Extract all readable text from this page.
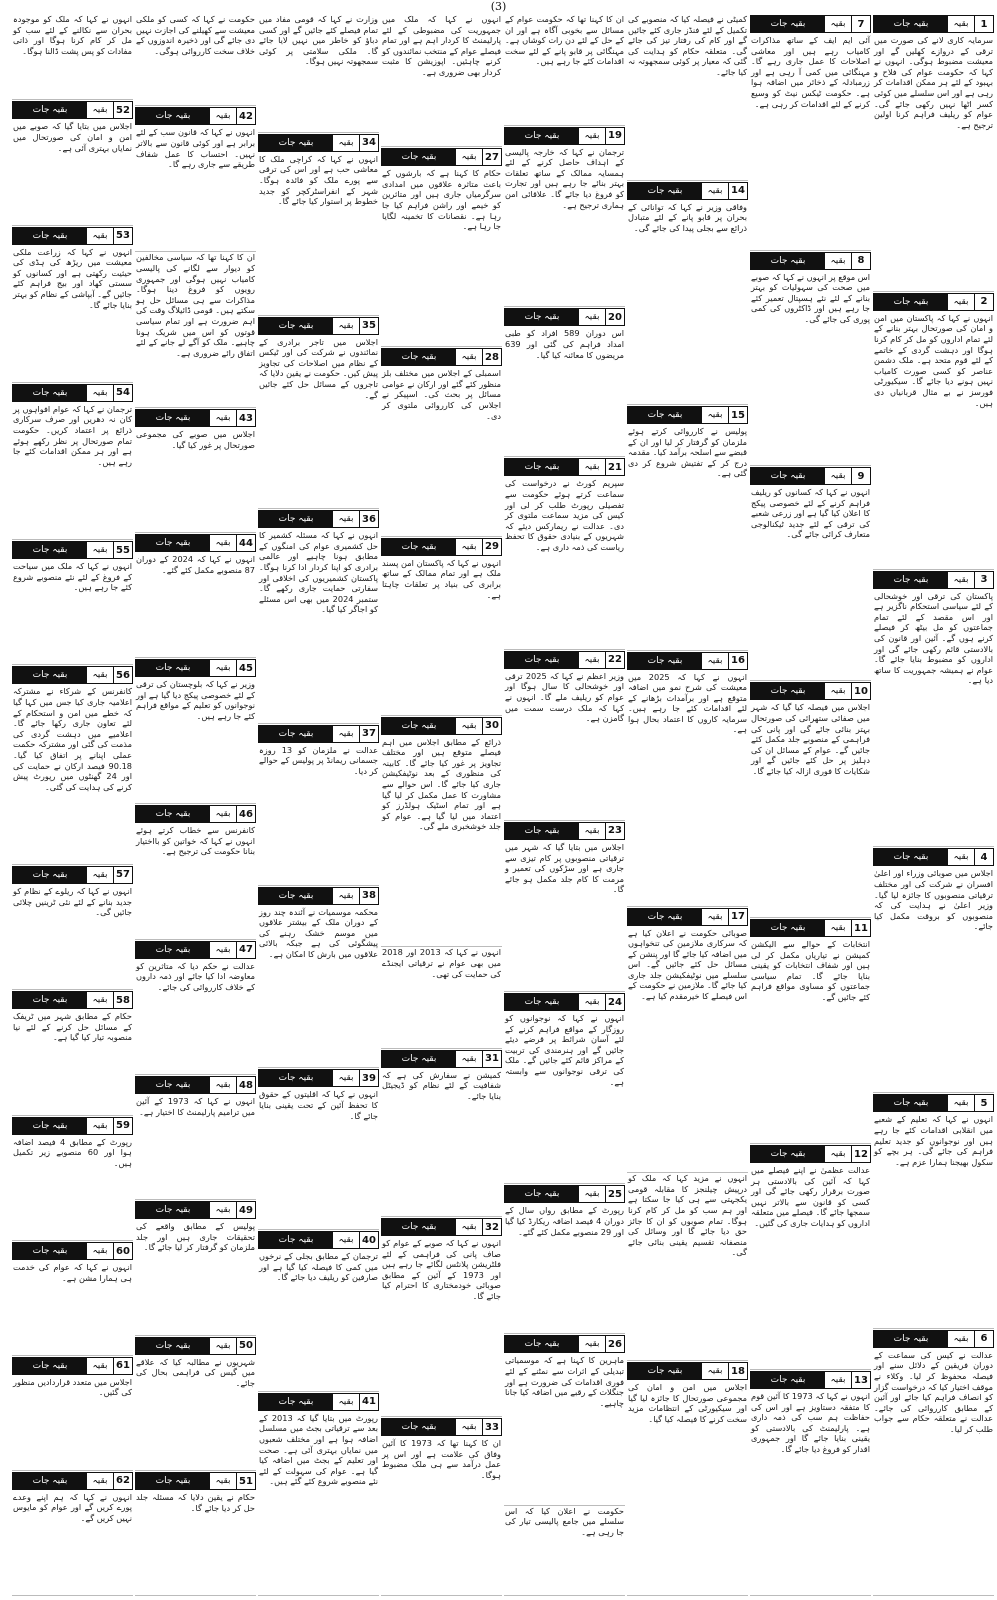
(3)
1
بقیہ
بقیہ جات
سرمایہ کاری لانے کی صورت میں ترقی کے دروازے کھلیں گے اور معیشت مضبوط ہوگی۔ انہوں نے کہا کہ حکومت عوام کی فلاح و بہبود کے لئے ہر ممکن اقدامات کر رہی ہے اور اس سلسلے میں کوئی کسر اٹھا نہیں رکھی جائے گی۔ عوام کو ریلیف فراہم کرنا اولین ترجیح ہے۔
2
بقیہ
بقیہ جات
انہوں نے کہا کہ پاکستان میں امن و امان کی صورتحال بہتر بنانے کے لئے تمام اداروں کو مل کر کام کرنا ہوگا اور دہشت گردی کے خاتمے کے لئے قوم متحد ہے۔ ملک دشمن عناصر کو کسی صورت کامیاب نہیں ہونے دیا جائے گا۔ سیکیورٹی فورسز نے بے مثال قربانیاں دی ہیں۔
3
بقیہ
بقیہ جات
پاکستان کی ترقی اور خوشحالی کے لئے سیاسی استحکام ناگزیر ہے اور اس مقصد کے لئے تمام جماعتوں کو مل بیٹھ کر فیصلے کرنے ہوں گے۔ آئین اور قانون کی بالادستی قائم رکھی جائے گی اور اداروں کو مضبوط بنایا جائے گا۔ عوام نے ہمیشہ جمہوریت کا ساتھ دیا ہے۔
4
بقیہ
بقیہ جات
اجلاس میں صوبائی وزراء اور اعلیٰ افسران نے شرکت کی اور مختلف ترقیاتی منصوبوں کا جائزہ لیا گیا۔ وزیر اعلیٰ نے ہدایت کی کہ منصوبوں کو بروقت مکمل کیا جائے۔
5
بقیہ
بقیہ جات
انہوں نے کہا کہ تعلیم کے شعبے میں انقلابی اقدامات کئے جا رہے ہیں اور نوجوانوں کو جدید تعلیم فراہم کی جائے گی۔ ہر بچے کو سکول بھیجنا ہمارا عزم ہے۔
6
بقیہ
بقیہ جات
عدالت نے کیس کی سماعت کے دوران فریقین کے دلائل سنے اور فیصلہ محفوظ کر لیا۔ وکلاء نے موقف اختیار کیا کہ درخواست گزار کو انصاف فراہم کیا جائے اور آئین کے مطابق کارروائی کی جائے۔ عدالت نے متعلقہ حکام سے جواب طلب کر لیا۔
7
بقیہ
بقیہ جات
آئی ایم ایف کے ساتھ مذاکرات کامیاب رہے ہیں اور معاشی اصلاحات کا عمل جاری رہے گا۔ مہنگائی میں کمی آ رہی ہے اور زرمبادلہ کے ذخائر میں اضافہ ہوا ہے۔ حکومت ٹیکس نیٹ کو وسیع کرنے کے لئے اقدامات کر رہی ہے۔
8
بقیہ
بقیہ جات
اس موقع پر انہوں نے کہا کہ صوبے میں صحت کی سہولیات کو بہتر بنانے کے لئے نئے ہسپتال تعمیر کئے جا رہے ہیں اور ڈاکٹروں کی کمی پوری کی جائے گی۔
9
بقیہ
بقیہ جات
انہوں نے کہا کہ کسانوں کو ریلیف فراہم کرنے کے لئے خصوصی پیکج کا اعلان کیا گیا ہے اور زرعی شعبے کی ترقی کے لئے جدید ٹیکنالوجی متعارف کرائی جائے گی۔
10
بقیہ
بقیہ جات
اجلاس میں فیصلہ کیا گیا کہ شہر میں صفائی ستھرائی کی صورتحال بہتر بنائی جائے گی اور پانی کی فراہمی کے منصوبے جلد مکمل کئے جائیں گے۔ عوام کے مسائل ان کی دہلیز پر حل کئے جائیں گے اور شکایات کا فوری ازالہ کیا جائے گا۔
11
بقیہ
بقیہ جات
انتخابات کے حوالے سے الیکشن کمیشن نے تیاریاں مکمل کر لی ہیں اور شفاف انتخابات کو یقینی بنایا جائے گا۔ تمام سیاسی جماعتوں کو مساوی مواقع فراہم کئے جائیں گے۔
12
بقیہ
بقیہ جات
عدالت عظمیٰ نے اپنے فیصلے میں کہا کہ آئین کی بالادستی ہر صورت برقرار رکھی جائے گی اور کسی کو قانون سے بالاتر نہیں سمجھا جائے گا۔ فیصلے میں متعلقہ اداروں کو ہدایات جاری کی گئیں۔
13
بقیہ
بقیہ جات
انہوں نے کہا کہ 1973 کا آئین قوم کا متفقہ دستاویز ہے اور اس کی حفاظت ہم سب کی ذمہ داری ہے۔ پارلیمنٹ کی بالادستی کو یقینی بنایا جائے گا اور جمہوری اقدار کو فروغ دیا جائے گا۔
کمیٹی نے فیصلہ کیا کہ منصوبے کی تکمیل کے لئے فنڈز جاری کئے جائیں گے اور کام کی رفتار تیز کی جائے گی۔ متعلقہ حکام کو ہدایت کی گئی کہ معیار پر کوئی سمجھوتہ نہ کیا جائے۔
14
بقیہ
بقیہ جات
وفاقی وزیر نے کہا کہ توانائی کے بحران پر قابو پانے کے لئے متبادل ذرائع سے بجلی پیدا کی جائے گی۔
15
بقیہ
بقیہ جات
پولیس نے کارروائی کرتے ہوئے ملزمان کو گرفتار کر لیا اور ان کے قبضے سے اسلحہ برآمد کیا۔ مقدمہ درج کر کے تفتیش شروع کر دی گئی ہے۔
16
بقیہ
بقیہ جات
انہوں نے کہا کہ 2025 میں معیشت کی شرح نمو میں اضافہ متوقع ہے اور برآمدات بڑھانے کے لئے اقدامات کئے جا رہے ہیں۔ سرمایہ کاروں کا اعتماد بحال ہوا ہے۔
17
بقیہ
بقیہ جات
صوبائی حکومت نے اعلان کیا ہے کہ سرکاری ملازمین کی تنخواہوں میں اضافہ کیا جائے گا اور پنشن کے مسائل حل کئے جائیں گے۔ اس سلسلے میں نوٹیفکیشن جلد جاری کیا جائے گا۔ ملازمین نے حکومت کے اس فیصلے کا خیرمقدم کیا ہے۔
انہوں نے مزید کہا کہ ملک کو درپیش چیلنجز کا مقابلہ قومی یکجہتی سے ہی کیا جا سکتا ہے اور ہم سب کو مل کر کام کرنا ہوگا۔ تمام صوبوں کو ان کا جائز حق دیا جائے گا اور وسائل کی منصفانہ تقسیم یقینی بنائی جائے گی۔
18
بقیہ
بقیہ جات
اجلاس میں امن و امان کی مجموعی صورتحال کا جائزہ لیا گیا اور سیکیورٹی کے انتظامات مزید سخت کرنے کا فیصلہ کیا گیا۔
ان کا کہنا تھا کہ حکومت عوام کے مسائل سے بخوبی آگاہ ہے اور ان کے حل کے لئے دن رات کوشاں ہے۔ مہنگائی پر قابو پانے کے لئے سخت اقدامات کئے جا رہے ہیں۔
19
بقیہ
بقیہ جات
ترجمان نے کہا کہ خارجہ پالیسی کے اہداف حاصل کرنے کے لئے ہمسایہ ممالک کے ساتھ تعلقات بہتر بنائے جا رہے ہیں اور تجارت کو فروغ دیا جائے گا۔ علاقائی امن ہماری ترجیح ہے۔
20
بقیہ
بقیہ جات
اس دوران 589 افراد کو طبی امداد فراہم کی گئی اور 639 مریضوں کا معائنہ کیا گیا۔
21
بقیہ
بقیہ جات
سپریم کورٹ نے درخواست کی سماعت کرتے ہوئے حکومت سے تفصیلی رپورٹ طلب کر لی اور کیس کی مزید سماعت ملتوی کر دی۔ عدالت نے ریمارکس دیئے کہ شہریوں کے بنیادی حقوق کا تحفظ ریاست کی ذمہ داری ہے۔
22
بقیہ
بقیہ جات
وزیر اعظم نے کہا کہ 2025 ترقی اور خوشحالی کا سال ہوگا اور عوام کو ریلیف ملے گا۔ انہوں نے کہا کہ ملک درست سمت میں گامزن ہے۔
23
بقیہ
بقیہ جات
اجلاس میں بتایا گیا کہ شہر میں ترقیاتی منصوبوں پر کام تیزی سے جاری ہے اور سڑکوں کی تعمیر و مرمت کا کام جلد مکمل ہو جائے گا۔
24
بقیہ
بقیہ جات
انہوں نے کہا کہ نوجوانوں کو روزگار کے مواقع فراہم کرنے کے لئے آسان شرائط پر قرضے دیئے جائیں گے اور ہنرمندی کی تربیت کے مراکز قائم کئے جائیں گے۔ ملک کی ترقی نوجوانوں سے وابستہ ہے۔
25
بقیہ
بقیہ جات
رپورٹ کے مطابق رواں سال کے دوران 4 فیصد اضافہ ریکارڈ کیا گیا اور 29 منصوبے مکمل کئے گئے۔
26
بقیہ
بقیہ جات
ماہرین کا کہنا ہے کہ موسمیاتی تبدیلی کے اثرات سے نمٹنے کے لئے فوری اقدامات کی ضرورت ہے اور جنگلات کے رقبے میں اضافہ کیا جانا چاہیے۔
حکومت نے اعلان کیا کہ اس سلسلے میں جامع پالیسی تیار کی جا رہی ہے۔
انہوں نے کہا کہ ملک میں جمہوریت کی مضبوطی کے لئے پارلیمنٹ کا کردار اہم ہے اور تمام فیصلے عوام کے منتخب نمائندوں کو کرنے چاہئیں۔ اپوزیشن کا مثبت کردار بھی ضروری ہے۔
27
بقیہ
بقیہ جات
حکام کا کہنا ہے کہ بارشوں کے باعث متاثرہ علاقوں میں امدادی سرگرمیاں جاری ہیں اور متاثرین کو خیمے اور راشن فراہم کیا جا رہا ہے۔ نقصانات کا تخمینہ لگایا جا رہا ہے۔
28
بقیہ
بقیہ جات
اسمبلی کے اجلاس میں مختلف بلز منظور کئے گئے اور ارکان نے عوامی مسائل پر بحث کی۔ اسپیکر نے اجلاس کی کارروائی ملتوی کر دی۔
29
بقیہ
بقیہ جات
انہوں نے کہا کہ پاکستان امن پسند ملک ہے اور تمام ممالک کے ساتھ برابری کی بنیاد پر تعلقات چاہتا ہے۔
30
بقیہ
بقیہ جات
ذرائع کے مطابق اجلاس میں اہم فیصلے متوقع ہیں اور مختلف تجاویز پر غور کیا جائے گا۔ کابینہ کی منظوری کے بعد نوٹیفکیشن جاری کیا جائے گا۔ اس حوالے سے مشاورت کا عمل مکمل کر لیا گیا ہے اور تمام اسٹیک ہولڈرز کو اعتماد میں لیا گیا ہے۔ عوام کو جلد خوشخبری ملے گی۔
انہوں نے کہا کہ 2013 اور 2018 میں بھی عوام نے ترقیاتی ایجنڈے کی حمایت کی تھی۔
31
بقیہ
بقیہ جات
کمیشن نے سفارش کی ہے کہ شفافیت کے لئے نظام کو ڈیجیٹل بنایا جائے۔
32
بقیہ
بقیہ جات
انہوں نے کہا کہ صوبے کے عوام کو صاف پانی کی فراہمی کے لئے فلٹریشن پلانٹس لگائے جا رہے ہیں اور 1973 کے آئین کے مطابق صوبائی خودمختاری کا احترام کیا جائے گا۔
33
بقیہ
بقیہ جات
ان کا کہنا تھا کہ 1973 کا آئین وفاق کی علامت ہے اور اس پر عمل درآمد سے ہی ملک مضبوط ہوگا۔
وزارت نے کہا کہ قومی مفاد میں تمام فیصلے کئے جائیں گے اور کسی دباؤ کو خاطر میں نہیں لایا جائے گا۔ ملکی سلامتی پر کوئی سمجھوتہ نہیں ہوگا۔
34
بقیہ
بقیہ جات
انہوں نے کہا کہ کراچی ملک کا معاشی حب ہے اور اس کی ترقی سے پورے ملک کو فائدہ ہوگا۔ شہر کے انفراسٹرکچر کو جدید خطوط پر استوار کیا جائے گا۔
35
بقیہ
بقیہ جات
اجلاس میں تاجر برادری کے نمائندوں نے شرکت کی اور ٹیکس کے نظام میں اصلاحات کی تجاویز پیش کیں۔ حکومت نے یقین دلایا کہ تاجروں کے مسائل حل کئے جائیں گے۔
36
بقیہ
بقیہ جات
انہوں نے کہا کہ مسئلہ کشمیر کا حل کشمیری عوام کی امنگوں کے مطابق ہونا چاہیے اور عالمی برادری کو اپنا کردار ادا کرنا ہوگا۔ پاکستان کشمیریوں کی اخلاقی اور سفارتی حمایت جاری رکھے گا۔ ستمبر 2024 میں بھی اس مسئلے کو اجاگر کیا گیا۔
37
بقیہ
بقیہ جات
عدالت نے ملزمان کو 13 روزہ جسمانی ریمانڈ پر پولیس کے حوالے کر دیا۔
38
بقیہ
بقیہ جات
محکمہ موسمیات نے آئندہ چند روز کے دوران ملک کے بیشتر علاقوں میں موسم خشک رہنے کی پیشگوئی کی ہے جبکہ بالائی علاقوں میں بارش کا امکان ہے۔
39
بقیہ
بقیہ جات
انہوں نے کہا کہ اقلیتوں کے حقوق کا تحفظ آئین کے تحت یقینی بنایا جائے گا۔
40
بقیہ
بقیہ جات
ترجمان کے مطابق بجلی کے نرخوں میں کمی کا فیصلہ کیا گیا ہے اور صارفین کو ریلیف دیا جائے گا۔
41
بقیہ
بقیہ جات
رپورٹ میں بتایا گیا کہ 2013 کے بعد سے ترقیاتی بجٹ میں مسلسل اضافہ ہوا ہے اور مختلف شعبوں میں نمایاں بہتری آئی ہے۔ صحت اور تعلیم کے بجٹ میں اضافہ کیا گیا ہے۔ عوام کی سہولت کے لئے نئے منصوبے شروع کئے گئے ہیں۔
حکومت نے کہا کہ کسی کو ملکی معیشت سے کھیلنے کی اجازت نہیں دی جائے گی اور ذخیرہ اندوزوں کے خلاف سخت کارروائی ہوگی۔
42
بقیہ
بقیہ جات
انہوں نے کہا کہ قانون سب کے لئے برابر ہے اور کوئی قانون سے بالاتر نہیں۔ احتساب کا عمل شفاف طریقے سے جاری رہے گا۔
ان کا کہنا تھا کہ سیاسی مخالفین کو دیوار سے لگانے کی پالیسی کامیاب نہیں ہوگی اور جمہوری رویوں کو فروغ دینا ہوگا۔ مذاکرات سے ہی مسائل حل ہو سکتے ہیں۔ قومی ڈائیلاگ وقت کی اہم ضرورت ہے اور تمام سیاسی قوتوں کو اس میں شریک ہونا چاہیے۔ ملک کو آگے لے جانے کے لئے اتفاق رائے ضروری ہے۔
43
بقیہ
بقیہ جات
اجلاس میں صوبے کی مجموعی صورتحال پر غور کیا گیا۔
44
بقیہ
بقیہ جات
انہوں نے کہا کہ 2024 کے دوران 87 منصوبے مکمل کئے گئے۔
45
بقیہ
بقیہ جات
وزیر نے کہا کہ بلوچستان کی ترقی کے لئے خصوصی پیکج دیا گیا ہے اور نوجوانوں کو تعلیم کے مواقع فراہم کئے جا رہے ہیں۔
46
بقیہ
بقیہ جات
کانفرنس سے خطاب کرتے ہوئے انہوں نے کہا کہ خواتین کو بااختیار بنانا حکومت کی ترجیح ہے۔
47
بقیہ
بقیہ جات
عدالت نے حکم دیا کہ متاثرین کو معاوضہ ادا کیا جائے اور ذمہ داروں کے خلاف کارروائی کی جائے۔
48
بقیہ
بقیہ جات
انہوں نے کہا کہ 1973 کے آئین میں ترامیم پارلیمنٹ کا اختیار ہے۔
49
بقیہ
بقیہ جات
پولیس کے مطابق واقعے کی تحقیقات جاری ہیں اور جلد ملزمان کو گرفتار کر لیا جائے گا۔
50
بقیہ
بقیہ جات
شہریوں نے مطالبہ کیا کہ علاقے میں گیس کی فراہمی بحال کی جائے۔
51
بقیہ
بقیہ جات
حکام نے یقین دلایا کہ مسئلہ جلد حل کر دیا جائے گا۔
انہوں نے کہا کہ ملک کو موجودہ بحران سے نکالنے کے لئے سب کو مل کر کام کرنا ہوگا اور ذاتی مفادات کو پس پشت ڈالنا ہوگا۔
52
بقیہ
بقیہ جات
اجلاس میں بتایا گیا کہ صوبے میں امن و امان کی صورتحال میں نمایاں بہتری آئی ہے۔
53
بقیہ
بقیہ جات
انہوں نے کہا کہ زراعت ملکی معیشت میں ریڑھ کی ہڈی کی حیثیت رکھتی ہے اور کسانوں کو سستی کھاد اور بیج فراہم کئے جائیں گے۔ آبپاشی کے نظام کو بہتر بنایا جائے گا۔
54
بقیہ
بقیہ جات
ترجمان نے کہا کہ عوام افواہوں پر کان نہ دھریں اور صرف سرکاری ذرائع پر اعتماد کریں۔ حکومت تمام صورتحال پر نظر رکھے ہوئے ہے اور ہر ممکن اقدامات کئے جا رہے ہیں۔
55
بقیہ
بقیہ جات
انہوں نے کہا کہ ملک میں سیاحت کے فروغ کے لئے نئے منصوبے شروع کئے جا رہے ہیں۔
56
بقیہ
بقیہ جات
کانفرنس کے شرکاء نے مشترکہ اعلامیہ جاری کیا جس میں کہا گیا کہ خطے میں امن و استحکام کے لئے تعاون جاری رکھا جائے گا۔ اعلامیے میں دہشت گردی کی مذمت کی گئی اور مشترکہ حکمت عملی اپنانے پر اتفاق کیا گیا۔ 90.18 فیصد ارکان نے حمایت کی اور 24 گھنٹوں میں رپورٹ پیش کرنے کی ہدایت کی گئی۔
57
بقیہ
بقیہ جات
انہوں نے کہا کہ ریلوے کے نظام کو جدید بنانے کے لئے نئی ٹرینیں چلائی جائیں گی۔
58
بقیہ
بقیہ جات
حکام کے مطابق شہر میں ٹریفک کے مسائل حل کرنے کے لئے نیا منصوبہ تیار کیا گیا ہے۔
59
بقیہ
بقیہ جات
رپورٹ کے مطابق 4 فیصد اضافہ ہوا اور 60 منصوبے زیر تکمیل ہیں۔
60
بقیہ
بقیہ جات
انہوں نے کہا کہ عوام کی خدمت ہی ہمارا مشن ہے۔
61
بقیہ
بقیہ جات
اجلاس میں متعدد قراردادیں منظور کی گئیں۔
62
بقیہ
بقیہ جات
انہوں نے کہا کہ ہم اپنے وعدے پورے کریں گے اور عوام کو مایوس نہیں کریں گے۔
